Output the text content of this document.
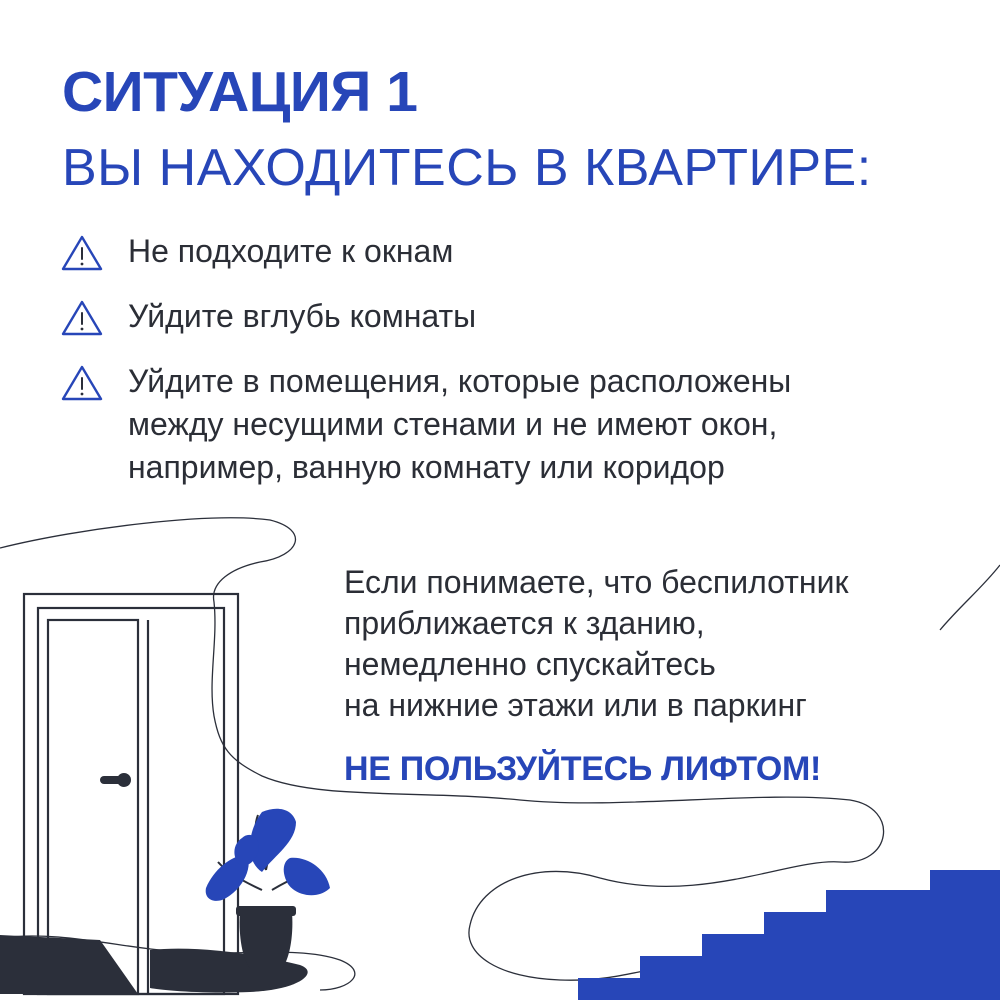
СИТУАЦИЯ 1
ВЫ НАХОДИТЕСЬ В КВАРТИРЕ:
Не подходите к окнам
Уйдите вглубь комнаты
Уйдите в помещения, которые расположены
между несущими стенами и не имеют окон,
например, ванную комнату или коридор

Если понимаете, что беспилотник
приближается к зданию,
немедленно спускайтесь
на нижние этажи или в паркинг

НЕ ПОЛЬЗУЙТЕСЬ ЛИФТОМ!
